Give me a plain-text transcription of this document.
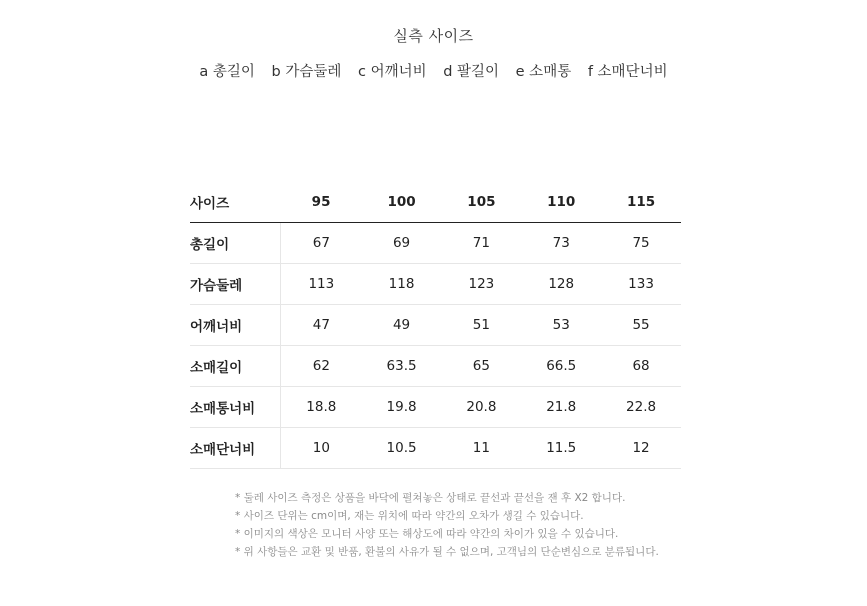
실측 사이즈
a 총길이 b 가슴둘레 c 어깨너비 d 팔길이 e 소매통 f 소매단너비
사이즈	95	100	105	110	115
총길이	67	69	71	73	75
가슴둘레	113	118	123	128	133
어깨너비	47	49	51	53	55
소매길이	62	63.5	65	66.5	68
소매통너비	18.8	19.8	20.8	21.8	22.8
소매단너비	10	10.5	11	11.5	12
* 둘레 사이즈 측정은 상품을 바닥에 펼쳐놓은 상태로 끝선과 끝선을 잰 후 X2 합니다.
* 사이즈 단위는 cm이며, 재는 위치에 따라 약간의 오차가 생길 수 있습니다.
* 이미지의 색상은 모니터 사양 또는 해상도에 따라 약간의 차이가 있을 수 있습니다.
* 위 사항들은 교환 및 반품, 환불의 사유가 될 수 없으며, 고객님의 단순변심으로 분류됩니다.
